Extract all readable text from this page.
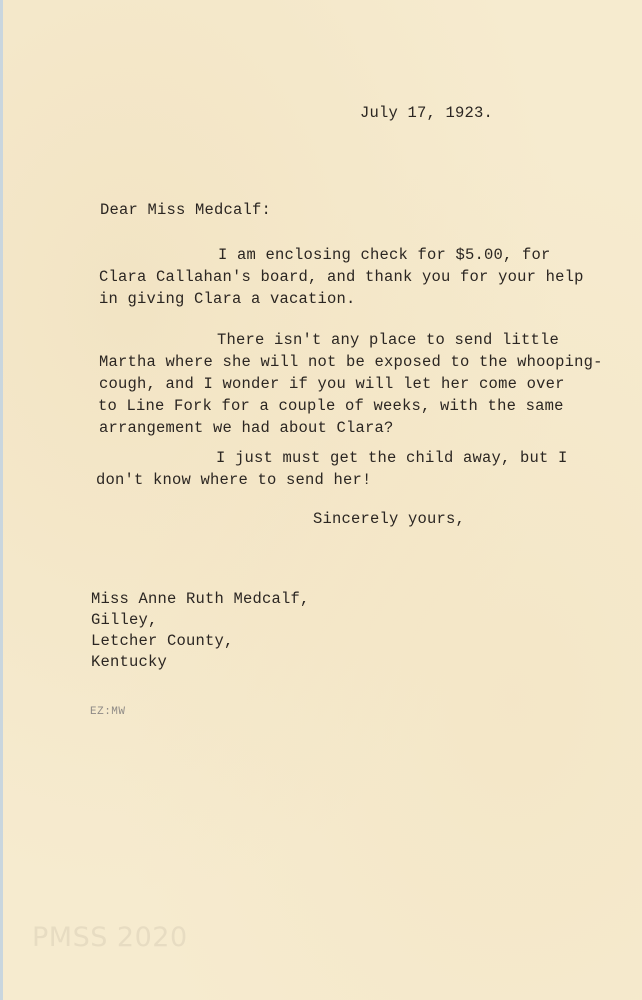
July 17, 1923.
Dear Miss Medcalf:
I am enclosing check for $5.00, for
Clara Callahan's board, and thank you for your help
in giving Clara a vacation.
There isn't any place to send little
Martha where she will not be exposed to the whooping-
cough, and I wonder if you will let her come over
to Line Fork for a couple of weeks, with the same
arrangement we had about Clara?
I just must get the child away, but I
don't know where to send her!
Sincerely yours,
Miss Anne Ruth Medcalf,
Gilley,
Letcher County,
Kentucky
EZ:MW
PMSS 2020
